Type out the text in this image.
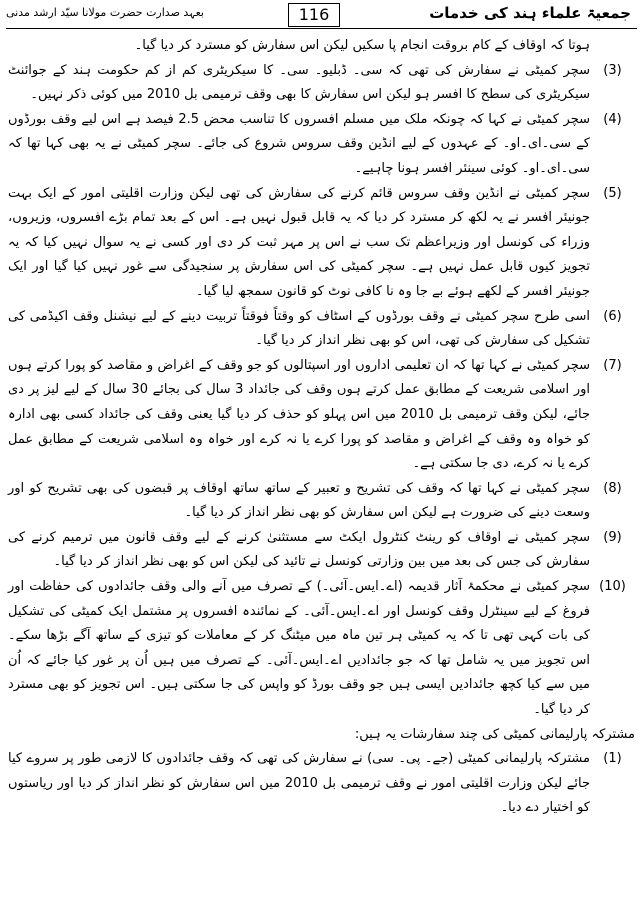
جمعیۃ علماء ہند کی خدمات
116
بعہد صدارت حضرت مولانا سیّد ارشد مدنی

ہوتا کہ اوقاف کے کام بروقت انجام پا سکیں لیکن اس سفارش کو مسترد کر دیا گیا۔

(3)
سچر کمیٹی نے سفارش کی تھی کہ سی۔ ڈبلیو۔ سی۔ کا سیکریٹری کم از کم حکومت ہند کے جوائنٹ سیکریٹری کی سطح کا افسر ہو لیکن اس سفارش کا بھی وقف ترمیمی بل 2010 میں کوئی ذکر نہیں۔
(4)
سچر کمیٹی نے کہا کہ چونکہ ملک میں مسلم افسروں کا تناسب محض 2.5 فیصد ہے اس لیے وقف بورڈوں کے سی۔ای۔او۔ کے عہدوں کے لیے انڈین وقف سروس شروع کی جائے۔ سچر کمیٹی نے یہ بھی کہا تھا کہ سی۔ای۔او۔ کوئی سینئر افسر ہونا چاہیے۔
(5)
سچر کمیٹی نے انڈین وقف سروس قائم کرنے کی سفارش کی تھی لیکن وزارت اقلیتی امور کے ایک بہت جونیئر افسر نے یہ لکھ کر مسترد کر دیا کہ یہ قابل قبول نہیں ہے۔ اس کے بعد تمام بڑے افسروں، وزیروں، وزراء کی کونسل اور وزیراعظم تک سب نے اس پر مہر ثبت کر دی اور کسی نے یہ سوال نہیں کیا کہ یہ تجویز کیوں قابل عمل نہیں ہے۔ سچر کمیٹی کی اس سفارش پر سنجیدگی سے غور نہیں کیا گیا اور ایک جونیئر افسر کے لکھے ہوئے بے جا وہ نا کافی نوٹ کو قانون سمجھ لیا گیا۔
(6)
اسی طرح سچر کمیٹی نے وقف بورڈوں کے اسٹاف کو وقتاً فوقتاً تربیت دینے کے لیے نیشنل وقف اکیڈمی کی تشکیل کی سفارش کی تھی، اس کو بھی نظر انداز کر دیا گیا۔
(7)
سچر کمیٹی نے کہا تھا کہ ان تعلیمی اداروں اور اسپتالوں کو جو وقف کے اغراض و مقاصد کو پورا کرتے ہوں اور اسلامی شریعت کے مطابق عمل کرتے ہوں وقف کی جائداد 3 سال کی بجائے 30 سال کے لیے لیز پر دی جائے، لیکن وقف ترمیمی بل 2010 میں اس پہلو کو حذف کر دیا گیا یعنی وقف کی جائداد کسی بھی ادارہ کو خواہ وہ وقف کے اغراض و مقاصد کو پورا کرے یا نہ کرے اور خواہ وہ اسلامی شریعت کے مطابق عمل کرے یا نہ کرے، دی جا سکتی ہے۔
(8)
سچر کمیٹی نے کہا تھا کہ وقف کی تشریح و تعبیر کے ساتھ ساتھ اوقاف پر قبضوں کی بھی تشریح کو اور وسعت دینے کی ضرورت ہے لیکن اس سفارش کو بھی نظر انداز کر دیا گیا۔
(9)
سچر کمیٹی نے اوقاف کو رینٹ کنٹرول ایکٹ سے مستثنیٰ کرنے کے لیے وقف قانون میں ترمیم کرنے کی سفارش کی جس کی بعد میں بین وزارتی کونسل نے تائید کی لیکن اس کو بھی نظر انداز کر دیا گیا۔
(10)
سچر کمیٹی نے محکمۂ آثار قدیمہ (اے۔ایس۔آئی۔) کے تصرف میں آنے والی وقف جائدادوں کی حفاظت اور فروغ کے لیے سینٹرل وقف کونسل اور اے۔ایس۔آئی۔ کے نمائندہ افسروں پر مشتمل ایک کمیٹی کی تشکیل کی بات کہی تھی تا کہ یہ کمیٹی ہر تین ماہ میں میٹنگ کر کے معاملات کو تیزی کے ساتھ آگے بڑھا سکے۔ اس تجویز میں یہ شامل تھا کہ جو جائدادیں اے۔ایس۔آئی۔ کے تصرف میں ہیں اُن پر غور کیا جائے کہ اُن میں سے کیا کچھ جائدادیں ایسی ہیں جو وقف بورڈ کو واپس کی جا سکتی ہیں۔ اس تجویز کو بھی مسترد کر دیا گیا۔

مشترکہ پارلیمانی کمیٹی کی چند سفارشات یہ ہیں:

(1)
مشترکہ پارلیمانی کمیٹی (جے۔ پی۔ سی) نے سفارش کی تھی کہ وقف جائدادوں کا لازمی طور پر سروے کیا جائے لیکن وزارت اقلیتی امور نے وقف ترمیمی بل 2010 میں اس سفارش کو نظر انداز کر دیا اور ریاستوں کو اختیار دے دیا۔
